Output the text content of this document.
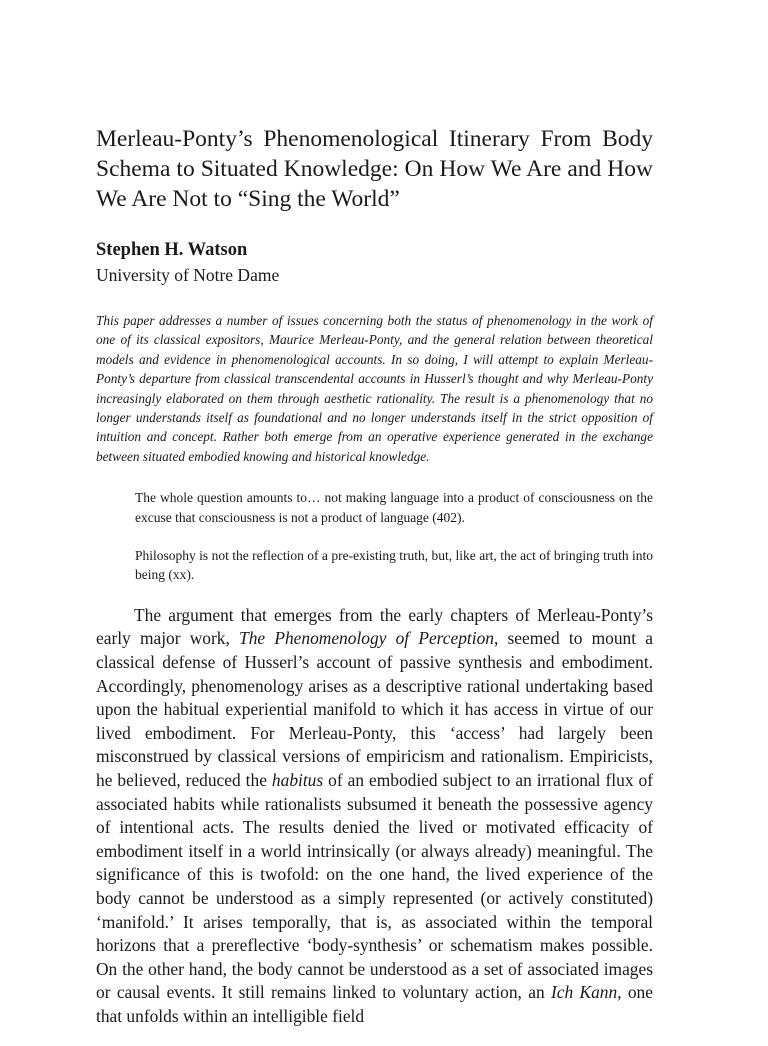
Merleau-Ponty’s Phenomenological Itinerary From Body Schema to Situated Knowledge: On How We Are and How We Are Not to “Sing the World”
Stephen H. Watson
University of Notre Dame

This paper addresses a number of issues concerning both the status of phenomenology in the work of one of its classical expositors, Maurice Merleau-Ponty, and the general relation between theoretical models and evidence in phenomenological accounts. In so doing, I will attempt to explain Merleau-Ponty’s departure from classical transcendental accounts in Husserl’s thought and why Merleau-Ponty increasingly elaborated on them through aesthetic rationality. The result is a phenomenology that no longer understands itself as foundational and no longer understands itself in the strict opposition of intuition and concept. Rather both emerge from an operative experience generated in the exchange between situated embodied knowing and historical knowledge.

The whole question amounts to… not making language into a product of consciousness on the excuse that consciousness is not a product of language (402).

Philosophy is not the reflection of a pre-existing truth, but, like art, the act of bringing truth into being (xx).

The argument that emerges from the early chapters of Merleau-Ponty’s early major work, The Phenomenology of Perception, seemed to mount a classical defense of Husserl’s account of passive synthesis and embodiment. Accordingly, phenomenology arises as a descriptive rational undertaking based upon the habitual experiential manifold to which it has access in virtue of our lived embodiment. For Merleau-Ponty, this ‘access’ had largely been misconstrued by classical versions of empiricism and rationalism. Empiricists, he believed, reduced the habitus of an embodied subject to an irrational flux of associated habits while rationalists subsumed it beneath the possessive agency of intentional acts. The results denied the lived or motivated efficacity of embodiment itself in a world intrinsically (or always already) meaningful. The significance of this is twofold: on the one hand, the lived experience of the body cannot be understood as a simply represented (or actively constituted) ‘manifold.’ It arises temporally, that is, as associated within the temporal horizons that a prereflective ‘body-synthesis’ or schematism makes possible. On the other hand, the body cannot be understood as a set of associated images or causal events. It still remains linked to voluntary action, an Ich Kann, one that unfolds within an intelligible field
